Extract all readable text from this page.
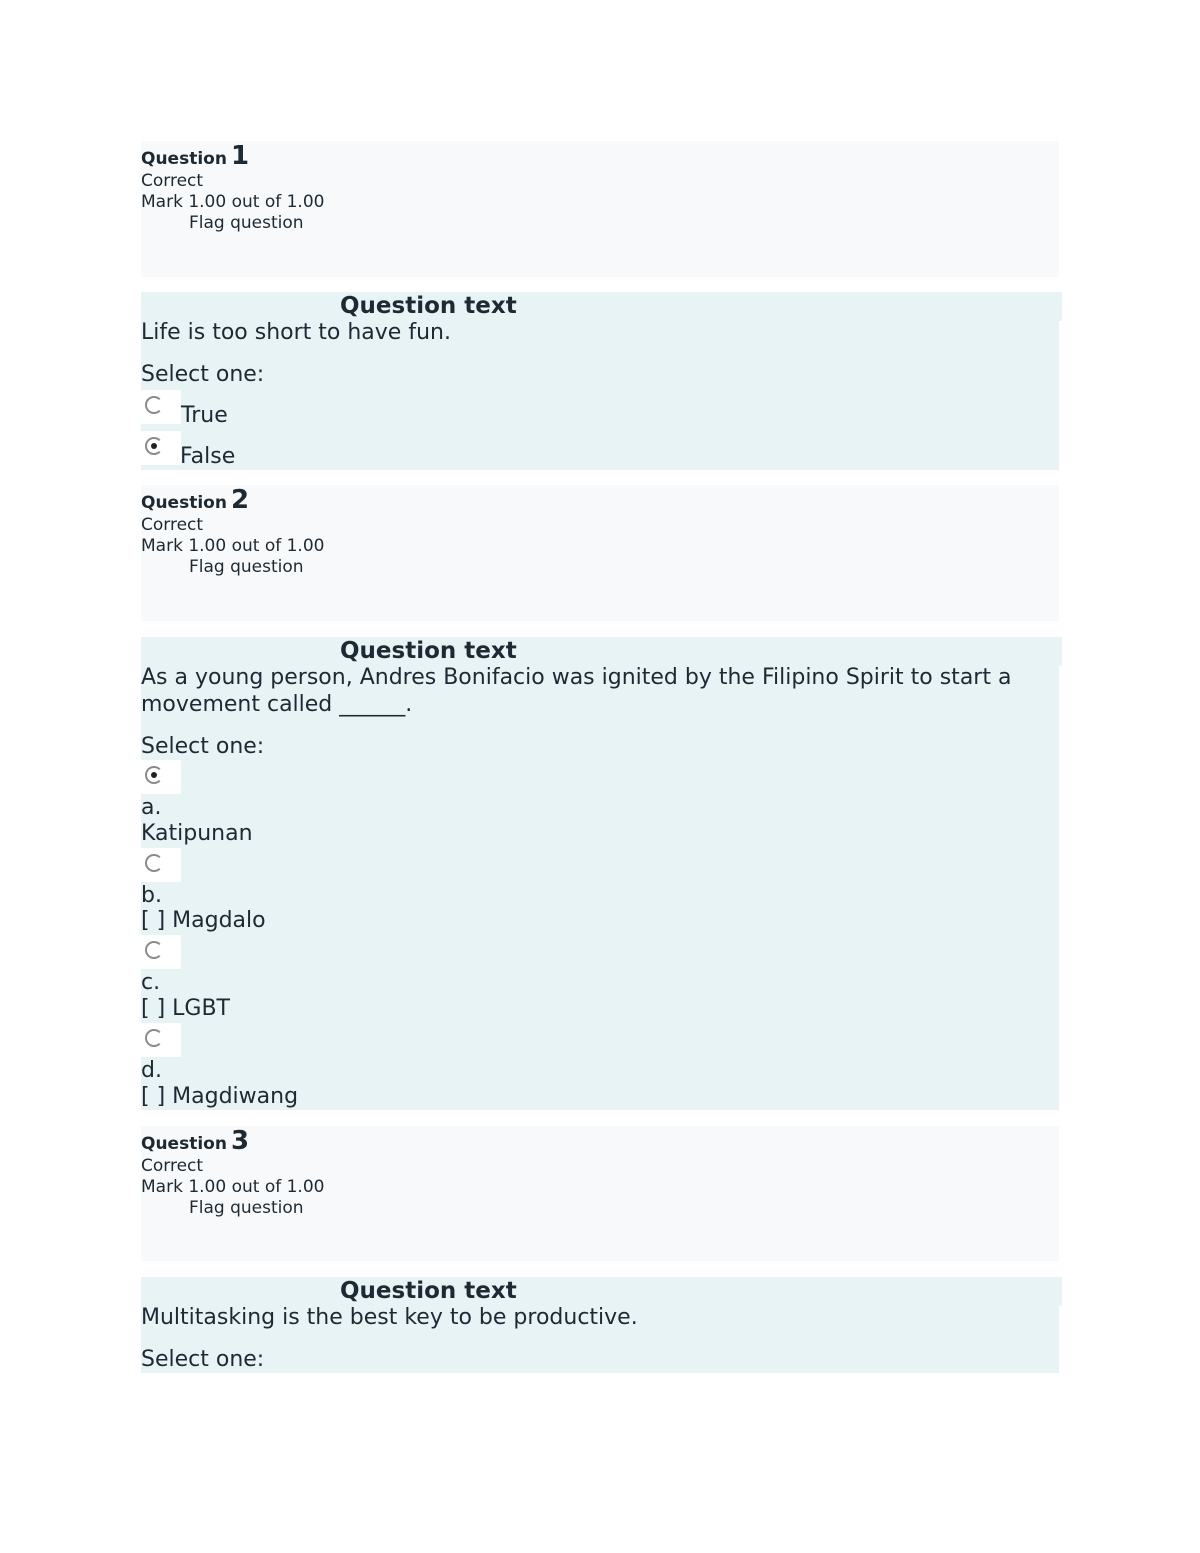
Question 1
Correct
Mark 1.00 out of 1.00
Flag question
Question text
Life is too short to have fun.
Select one:
True
False
Question 2
Correct
Mark 1.00 out of 1.00
Flag question
Question text
As a young person, Andres Bonifacio was ignited by the Filipino Spirit to start a
movement called ______.
Select one:
a.
Katipunan
b.
[ ] Magdalo
c.
[ ] LGBT
d.
[ ] Magdiwang
Question 3
Correct
Mark 1.00 out of 1.00
Flag question
Question text
Multitasking is the best key to be productive.
Select one:
